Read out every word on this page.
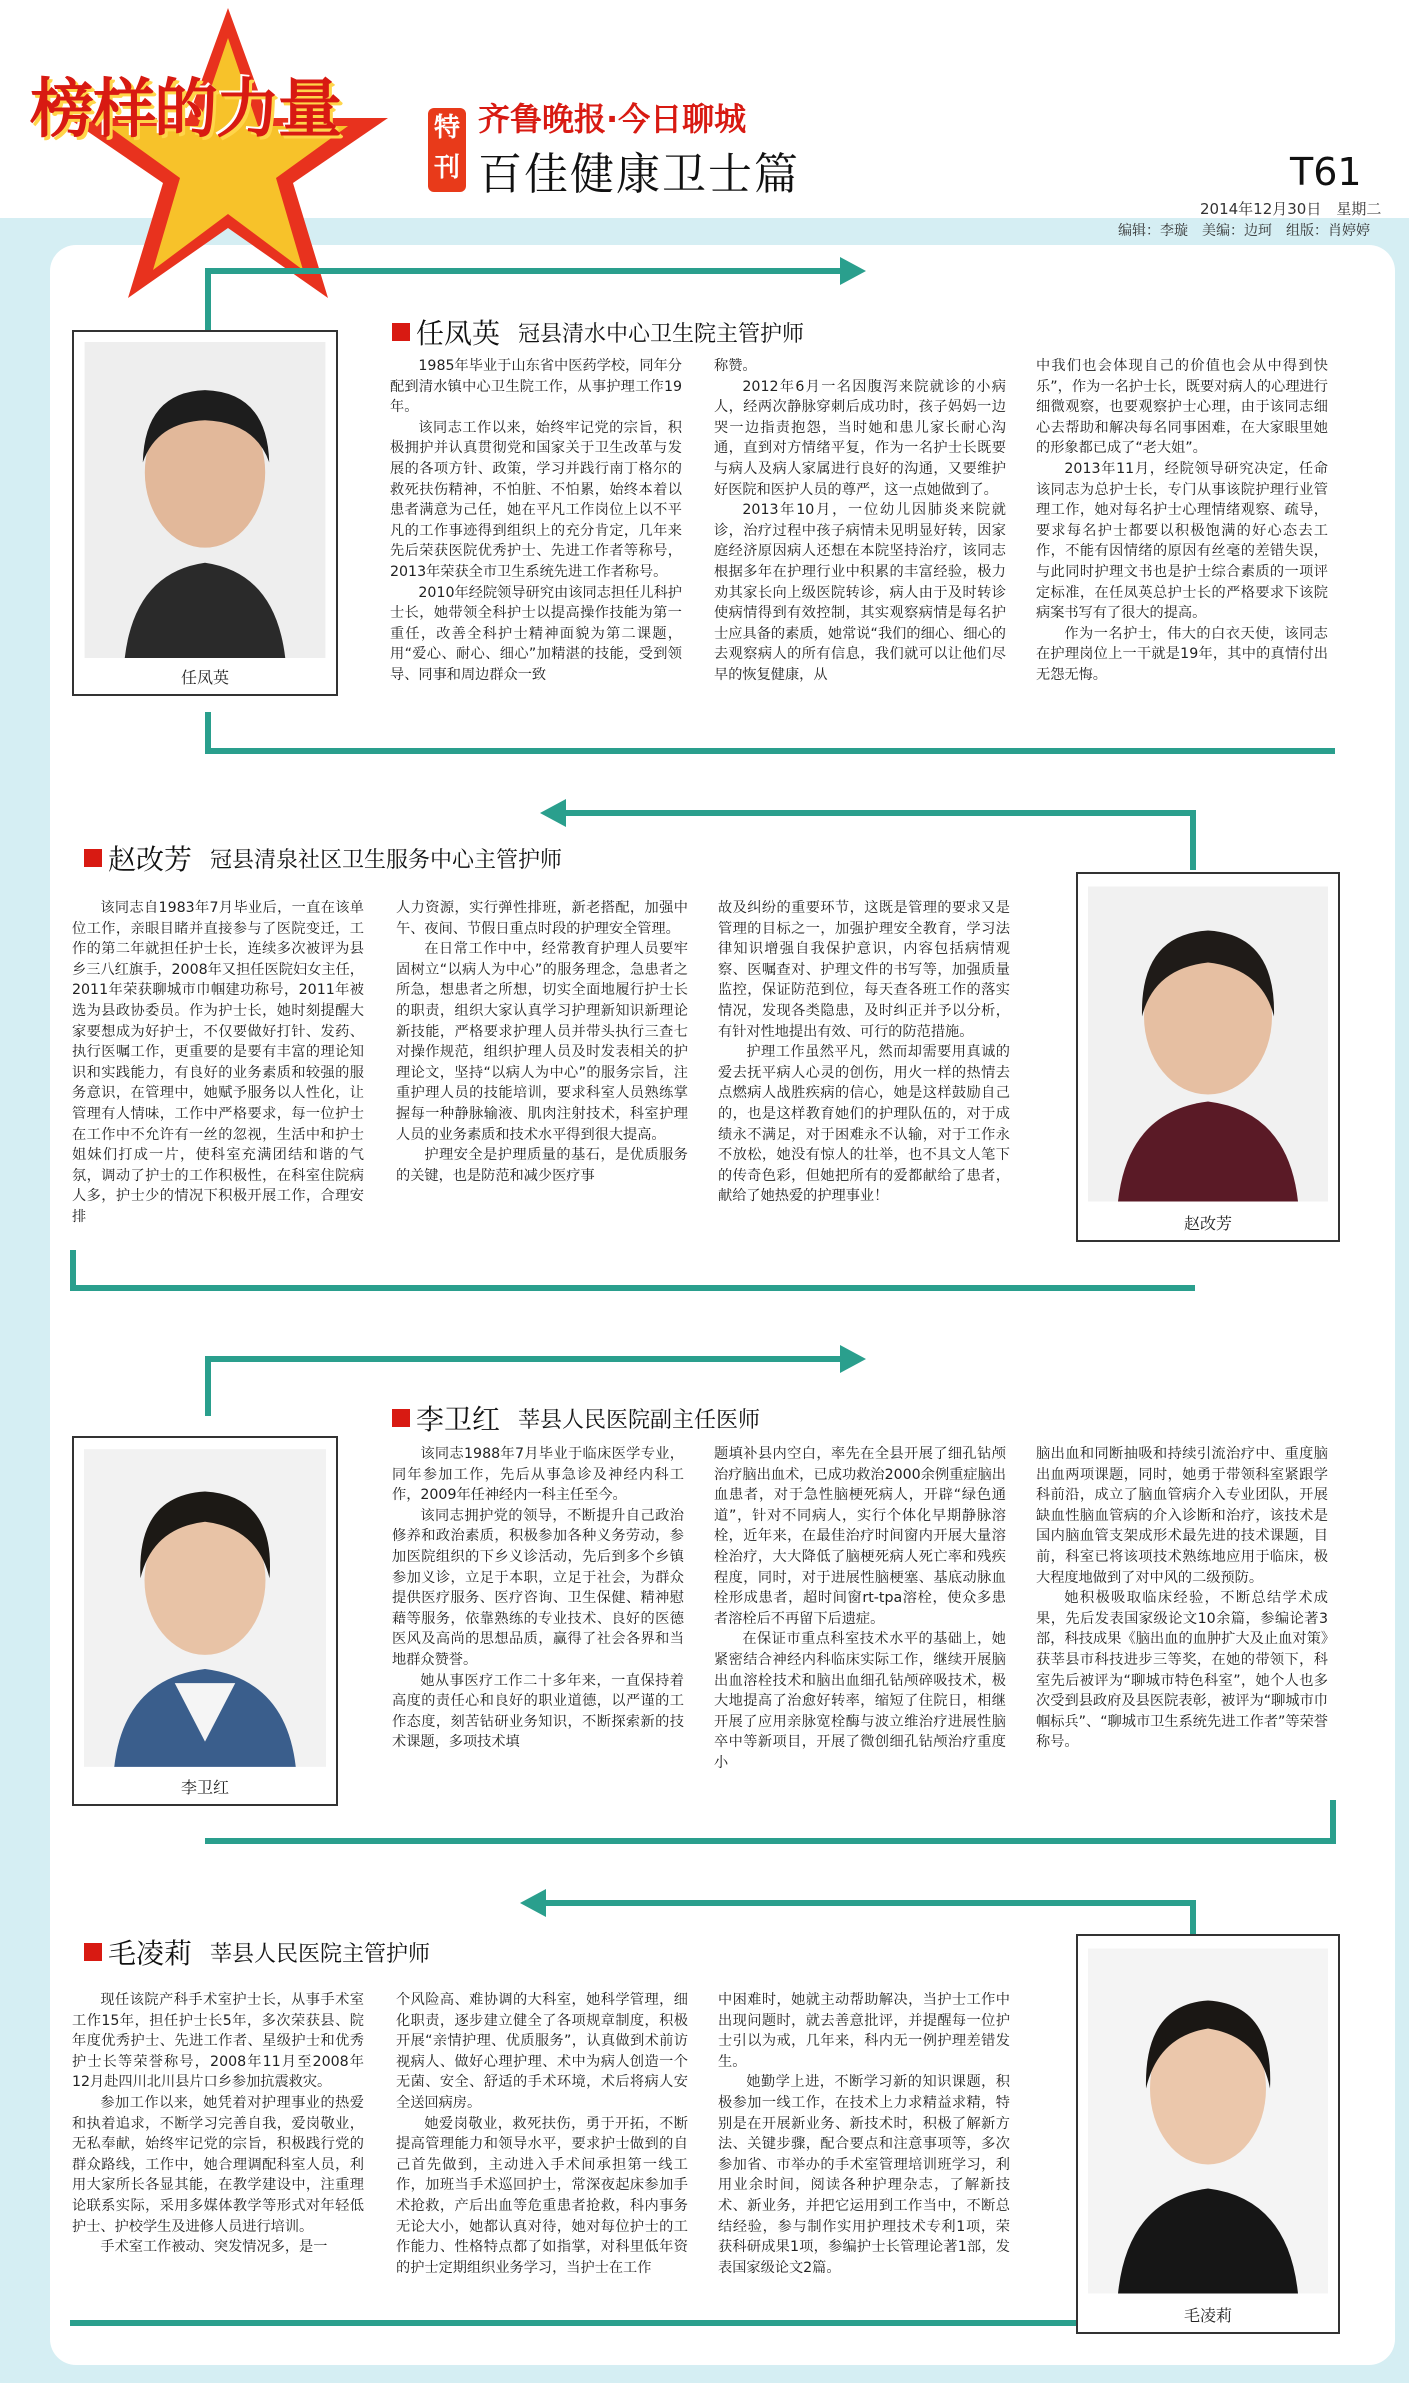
榜样的力量	特刊
齐鲁晚报·今日聊城
百佳健康卫士篇	T61
2014年12月30日　星期二
编辑：李璇　美编：边珂　组版：肖婷婷
任凤英 冠县清水中心卫生院主管护师
任凤英

1985年毕业于山东省中医药学校，同年分配到清水镇中心卫生院工作，从事护理工作19年。

该同志工作以来，始终牢记党的宗旨，积极拥护并认真贯彻党和国家关于卫生改革与发展的各项方针、政策，学习并践行南丁格尔的救死扶伤精神，不怕脏、不怕累，始终本着以患者满意为己任，她在平凡工作岗位上以不平凡的工作事迹得到组织上的充分肯定，几年来先后荣获医院优秀护士、先进工作者等称号，2013年荣获全市卫生系统先进工作者称号。

2010年经院领导研究由该同志担任儿科护士长，她带领全科护士以提高操作技能为第一重任，改善全科护士精神面貌为第二课题，用“爱心、耐心、细心”加精湛的技能，受到领导、同事和周边群众一致

称赞。

2012年6月一名因腹泻来院就诊的小病人，经两次静脉穿刺后成功时，孩子妈妈一边哭一边指责抱怨，当时她和患儿家长耐心沟通，直到对方情绪平复，作为一名护士长既要与病人及病人家属进行良好的沟通，又要维护好医院和医护人员的尊严，这一点她做到了。

2013年10月，一位幼儿因肺炎来院就诊，治疗过程中孩子病情未见明显好转，因家庭经济原因病人还想在本院坚持治疗，该同志根据多年在护理行业中积累的丰富经验，极力劝其家长向上级医院转诊，病人由于及时转诊使病情得到有效控制，其实观察病情是每名护士应具备的素质，她常说“我们的细心、细心的去观察病人的所有信息，我们就可以让他们尽早的恢复健康，从

中我们也会体现自己的价值也会从中得到快乐”，作为一名护士长，既要对病人的心理进行细微观察，也要观察护士心理，由于该同志细心去帮助和解决每名同事困难，在大家眼里她的形象都已成了“老大姐”。

2013年11月，经院领导研究决定，任命该同志为总护士长，专门从事该院护理行业管理工作，她对每名护士心理情绪观察、疏导，要求每名护士都要以积极饱满的好心态去工作，不能有因情绪的原因有丝毫的差错失误，与此同时护理文书也是护士综合素质的一项评定标准，在任凤英总护士长的严格要求下该院病案书写有了很大的提高。

作为一名护士，伟大的白衣天使，该同志在护理岗位上一干就是19年，其中的真情付出无怨无悔。

赵改芳 冠县清泉社区卫生服务中心主管护师
赵改芳

该同志自1983年7月毕业后，一直在该单位工作，亲眼目睹并直接参与了医院变迁，工作的第二年就担任护士长，连续多次被评为县乡三八红旗手，2008年又担任医院妇女主任，2011年荣获聊城市巾帼建功称号，2011年被选为县政协委员。作为护士长，她时刻提醒大家要想成为好护士，不仅要做好打针、发药、执行医嘱工作，更重要的是要有丰富的理论知识和实践能力，有良好的业务素质和较强的服务意识，在管理中，她赋予服务以人性化，让管理有人情味，工作中严格要求，每一位护士在工作中不允许有一丝的忽视，生活中和护士姐妹们打成一片，使科室充满团结和谐的气氛，调动了护士的工作积极性，在科室住院病人多，护士少的情况下积极开展工作，合理安排

人力资源，实行弹性排班，新老搭配，加强中午、夜间、节假日重点时段的护理安全管理。

在日常工作中中，经常教育护理人员要牢固树立“以病人为中心”的服务理念，急患者之所急，想患者之所想，切实全面地履行护士长的职责，组织大家认真学习护理新知识新理论新技能，严格要求护理人员并带头执行三查七对操作规范，组织护理人员及时发表相关的护理论文，坚持“以病人为中心”的服务宗旨，注重护理人员的技能培训，要求科室人员熟练掌握每一种静脉输液、肌肉注射技术，科室护理人员的业务素质和技术水平得到很大提高。

护理安全是护理质量的基石，是优质服务的关键，也是防范和减少医疗事

故及纠纷的重要环节，这既是管理的要求又是管理的目标之一，加强护理安全教育，学习法律知识增强自我保护意识，内容包括病情观察、医嘱查对、护理文件的书写等，加强质量监控，保证防范到位，每天查各班工作的落实情况，发现各类隐患，及时纠正并予以分析，有针对性地提出有效、可行的防范措施。

护理工作虽然平凡，然而却需要用真诚的爱去抚平病人心灵的创伤，用火一样的热情去点燃病人战胜疾病的信心，她是这样鼓励自己的，也是这样教育她们的护理队伍的，对于成绩永不满足，对于困难永不认输，对于工作永不放松，她没有惊人的壮举，也不具文人笔下的传奇色彩，但她把所有的爱都献给了患者，献给了她热爱的护理事业！

李卫红 莘县人民医院副主任医师
李卫红

该同志1988年7月毕业于临床医学专业，同年参加工作，先后从事急诊及神经内科工作，2009年任神经内一科主任至今。

该同志拥护党的领导，不断提升自己政治修养和政治素质，积极参加各种义务劳动，参加医院组织的下乡义诊活动，先后到多个乡镇参加义诊，立足于本职，立足于社会，为群众提供医疗服务、医疗咨询、卫生保健、精神慰藉等服务，依靠熟练的专业技术、良好的医德医风及高尚的思想品质，赢得了社会各界和当地群众赞誉。

她从事医疗工作二十多年来，一直保持着高度的责任心和良好的职业道德，以严谨的工作态度，刻苦钻研业务知识，不断探索新的技术课题，多项技术填

题填补县内空白，率先在全县开展了细孔钻颅治疗脑出血术，已成功救治2000余例重症脑出血患者，对于急性脑梗死病人，开辟“绿色通道”，针对不同病人，实行个体化早期静脉溶栓，近年来，在最佳治疗时间窗内开展大量溶栓治疗，大大降低了脑梗死病人死亡率和残疾程度，同时，对于进展性脑梗塞、基底动脉血栓形成患者，超时间窗rt-tpa溶栓，使众多患者溶栓后不再留下后遗症。

在保证市重点科室技术水平的基础上，她紧密结合神经内科临床实际工作，继续开展脑出血溶栓技术和脑出血细孔钻颅碎吸技术，极大地提高了治愈好转率，缩短了住院日，相继开展了应用亲脉宽栓酶与波立维治疗进展性脑卒中等新项目，开展了微创细孔钻颅治疗重度小

脑出血和同断抽吸和持续引流治疗中、重度脑出血两项课题，同时，她勇于带领科室紧跟学科前沿，成立了脑血管病介入专业团队，开展缺血性脑血管病的介入诊断和治疗，该技术是国内脑血管支架成形术最先进的技术课题，目前，科室已将该项技术熟练地应用于临床，极大程度地做到了对中风的二级预防。

她积极吸取临床经验，不断总结学术成果，先后发表国家级论文10余篇，参编论著3部，科技成果《脑出血的血肿扩大及止血对策》获莘县市科技进步三等奖，在她的带领下，科室先后被评为“聊城市特色科室”，她个人也多次受到县政府及县医院表彰，被评为“聊城市巾帼标兵”、“聊城市卫生系统先进工作者”等荣誉称号。

毛凌莉 莘县人民医院主管护师
毛凌莉

现任该院产科手术室护士长，从事手术室工作15年，担任护士长5年，多次荣获县、院年度优秀护士、先进工作者、星级护士和优秀护士长等荣誉称号，2008年11月至2008年12月赴四川北川县片口乡参加抗震救灾。

参加工作以来，她凭着对护理事业的热爱和执着追求，不断学习完善自我，爱岗敬业，无私奉献，始终牢记党的宗旨，积极践行党的群众路线，工作中，她合理调配科室人员，利用大家所长各显其能，在教学建设中，注重理论联系实际，采用多媒体教学等形式对年轻低护士、护校学生及进修人员进行培训。

手术室工作被动、突发情况多，是一

个风险高、难协调的大科室，她科学管理，细化职责，逐步建立健全了各项规章制度，积极开展“亲情护理、优质服务”，认真做到术前访视病人、做好心理护理、术中为病人创造一个无菌、安全、舒适的手术环境，术后将病人安全送回病房。

她爱岗敬业，救死扶伤，勇于开拓，不断提高管理能力和领导水平，要求护士做到的自己首先做到，主动进入手术间承担第一线工作，加班当手术巡回护士，常深夜起床参加手术抢救，产后出血等危重患者抢救，科内事务无论大小，她都认真对待，她对每位护士的工作能力、性格特点都了如指掌，对科里低年资的护士定期组织业务学习，当护士在工作

中困难时，她就主动帮助解决，当护士工作中出现问题时，就去善意批评，并提醒每一位护士引以为戒，几年来，科内无一例护理差错发生。

她勤学上进，不断学习新的知识课题，积极参加一线工作，在技术上力求精益求精，特别是在开展新业务、新技术时，积极了解新方法、关键步骤，配合要点和注意事项等，多次参加省、市举办的手术室管理培训班学习，利用业余时间，阅读各种护理杂志，了解新技术、新业务，并把它运用到工作当中，不断总结经验，参与制作实用护理技术专利1项，荣获科研成果1项，参编护士长管理论著1部，发表国家级论文2篇。
